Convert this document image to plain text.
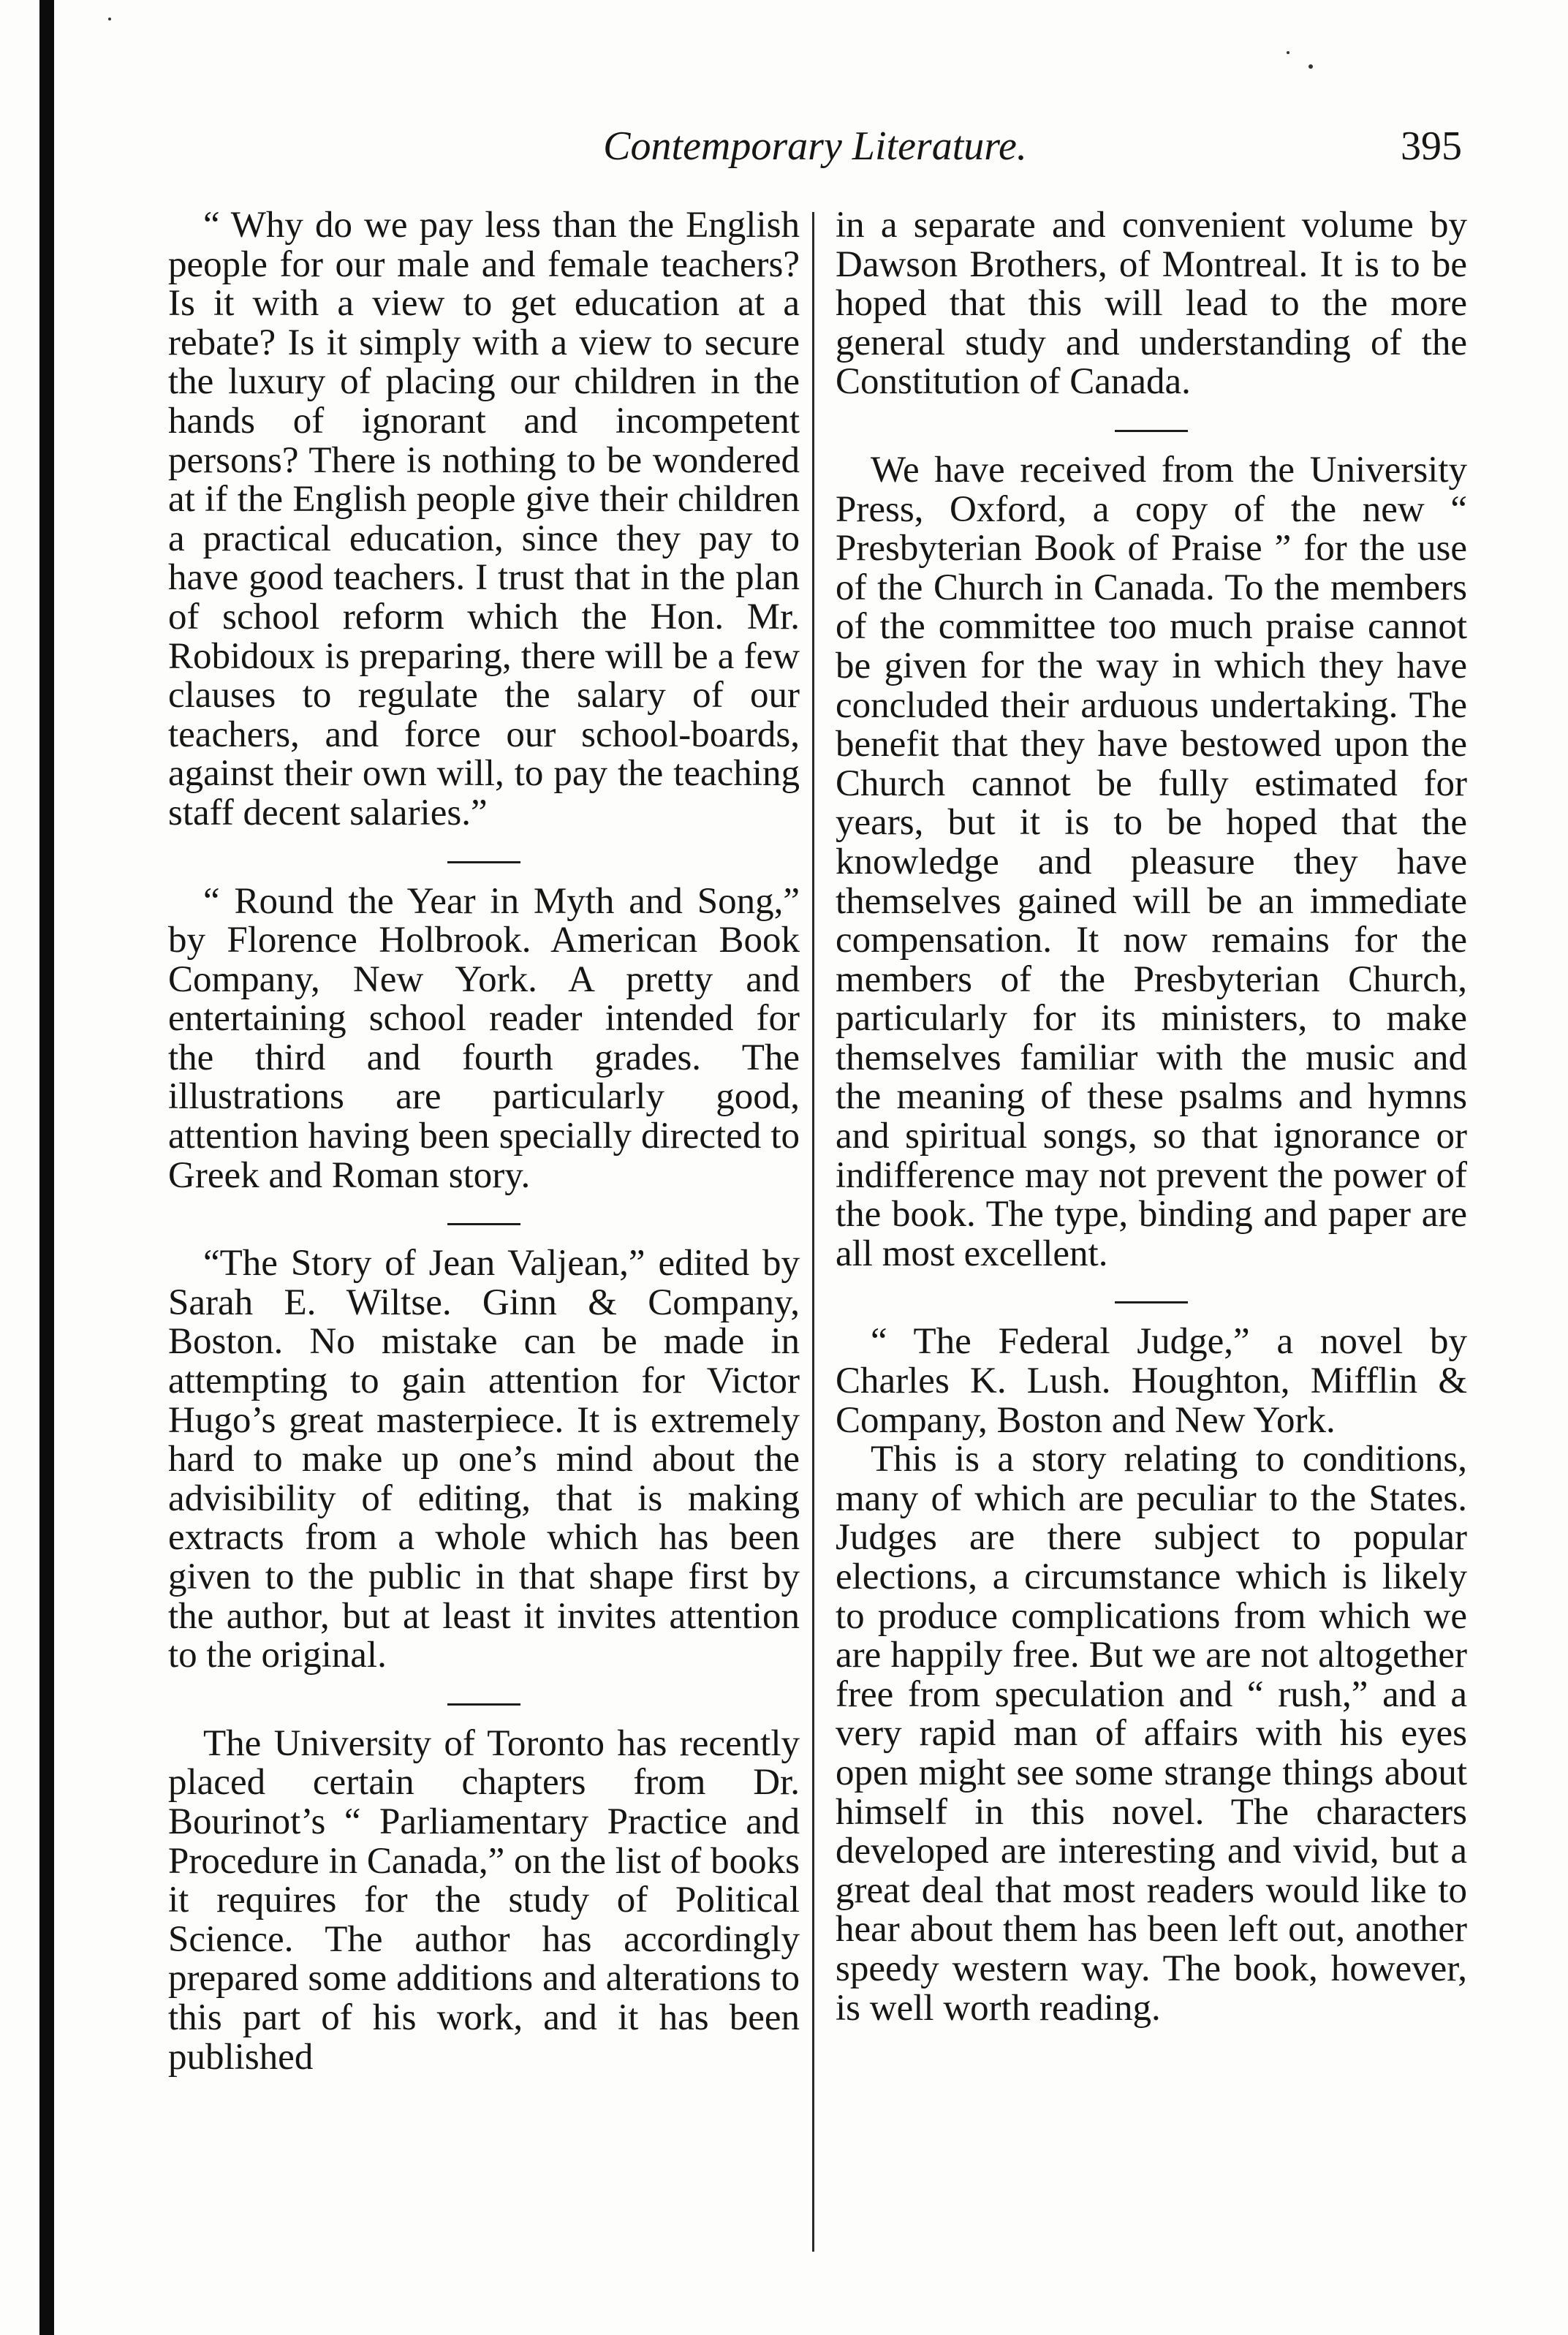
Contemporary Literature.	395

“ Why do we pay less than the English people for our male and female teachers? Is it with a view to get education at a rebate? Is it simply with a view to secure the luxury of placing our children in the hands of ignorant and incompetent persons? There is nothing to be wondered at if the English people give their children a practical education, since they pay to have good teachers. I trust that in the plan of school reform which the Hon. Mr. Robidoux is preparing, there will be a few clauses to regulate the salary of our teachers, and force our school-boards, against their own will, to pay the teaching staff decent salaries.”

“ Round the Year in Myth and Song,” by Florence Holbrook. American Book Company, New York. A pretty and entertaining school reader intended for the third and fourth grades. The illustrations are particularly good, attention having been specially directed to Greek and Roman story.

“The Story of Jean Valjean,” edited by Sarah E. Wiltse. Ginn & Company, Boston. No mistake can be made in attempting to gain attention for Victor Hugo’s great masterpiece. It is extremely hard to make up one’s mind about the advisibility of editing, that is making extracts from a whole which has been given to the public in that shape first by the author, but at least it invites attention to the original.

The University of Toronto has recently placed certain chapters from Dr. Bourinot’s “ Parliamentary Practice and Procedure in Canada,” on the list of books it requires for the study of Political Science. The author has accordingly prepared some additions and alterations to this part of his work, and it has been published

in a separate and convenient volume by Dawson Brothers, of Montreal. It is to be hoped that this will lead to the more general study and understanding of the Constitution of Canada.

We have received from the University Press, Oxford, a copy of the new “ Presbyterian Book of Praise ” for the use of the Church in Canada. To the members of the committee too much praise cannot be given for the way in which they have concluded their arduous undertaking. The benefit that they have bestowed upon the Church cannot be fully estimated for years, but it is to be hoped that the knowledge and pleasure they have themselves gained will be an immediate compensation. It now remains for the members of the Presbyterian Church, particularly for its ministers, to make themselves familiar with the music and the meaning of these psalms and hymns and spiritual songs, so that ignorance or indifference may not prevent the power of the book. The type, binding and paper are all most excellent.

“ The Federal Judge,” a novel by Charles K. Lush. Houghton, Mifflin & Company, Boston and New York.

This is a story relating to conditions, many of which are peculiar to the States. Judges are there subject to popular elections, a circumstance which is likely to produce complications from which we are happily free. But we are not altogether free from speculation and “ rush,” and a very rapid man of affairs with his eyes open might see some strange things about himself in this novel. The characters developed are interesting and vivid, but a great deal that most readers would like to hear about them has been left out, another speedy western way. The book, however, is well worth reading.
